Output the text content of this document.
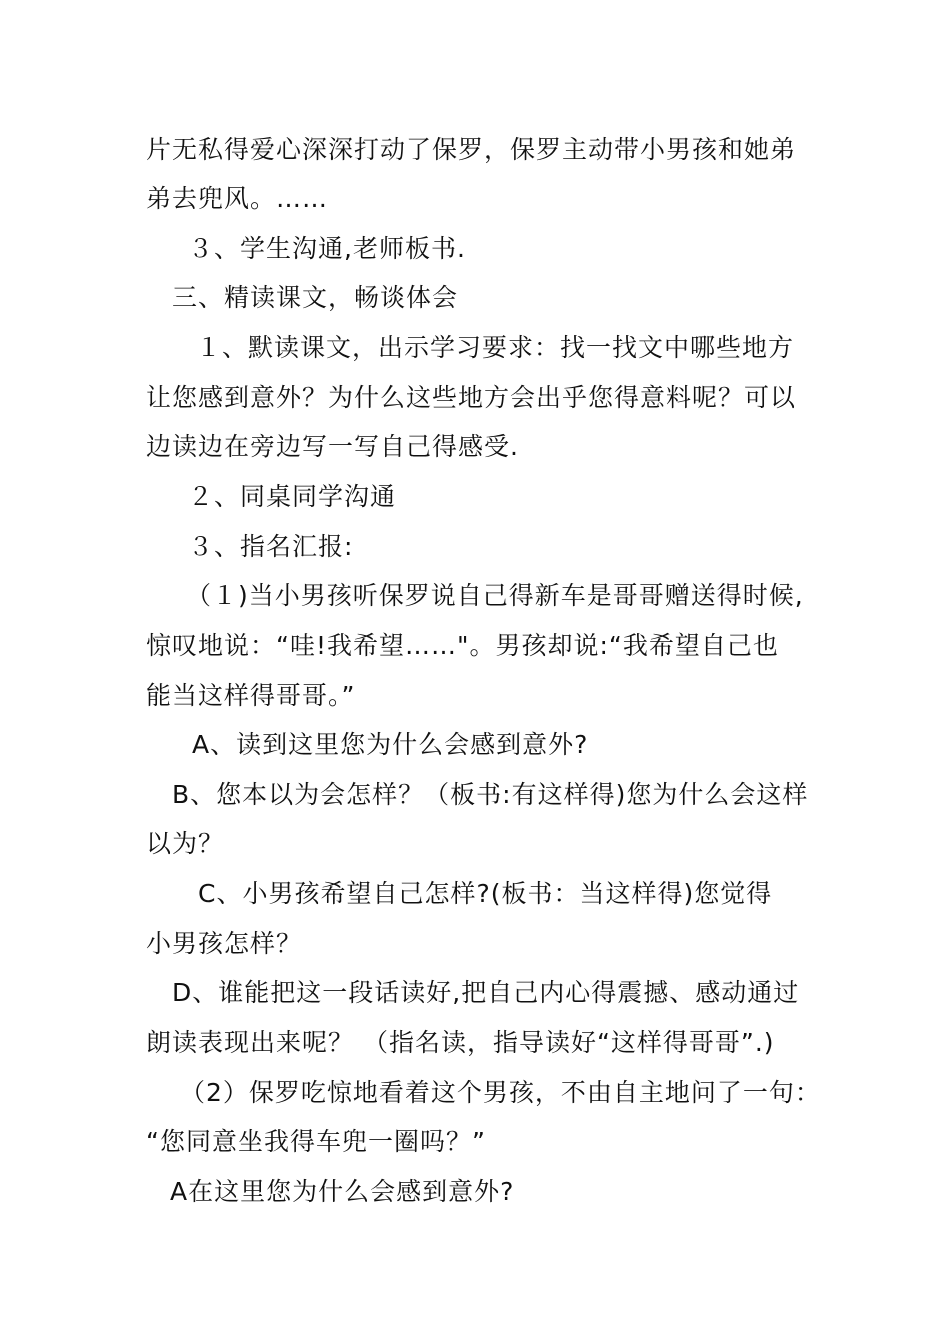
片无私得爱心深深打动了保罗，保罗主动带小男孩和她弟
弟去兜风。……
３、学生沟通,老师板书.
三、精读课文，畅谈体会
１、默读课文，出示学习要求：找一找文中哪些地方
让您感到意外？为什么这些地方会出乎您得意料呢？可以
边读边在旁边写一写自己得感受.
２、同桌同学沟通
３、指名汇报:
（１)当小男孩听保罗说自己得新车是哥哥赠送得时候,
惊叹地说：“哇!我希望……"。男孩却说:“我希望自己也
能当这样得哥哥。”
A、读到这里您为什么会感到意外?
B、您本以为会怎样？（板书:有这样得)您为什么会这样
以为？
C、小男孩希望自己怎样?(板书：当这样得)您觉得
小男孩怎样？
D、谁能把这一段话读好,把自己内心得震撼、感动通过
朗读表现出来呢？ （指名读，指导读好“这样得哥哥”.)
（2）保罗吃惊地看着这个男孩，不由自主地问了一句：
“您同意坐我得车兜一圈吗？”
A在这里您为什么会感到意外?
